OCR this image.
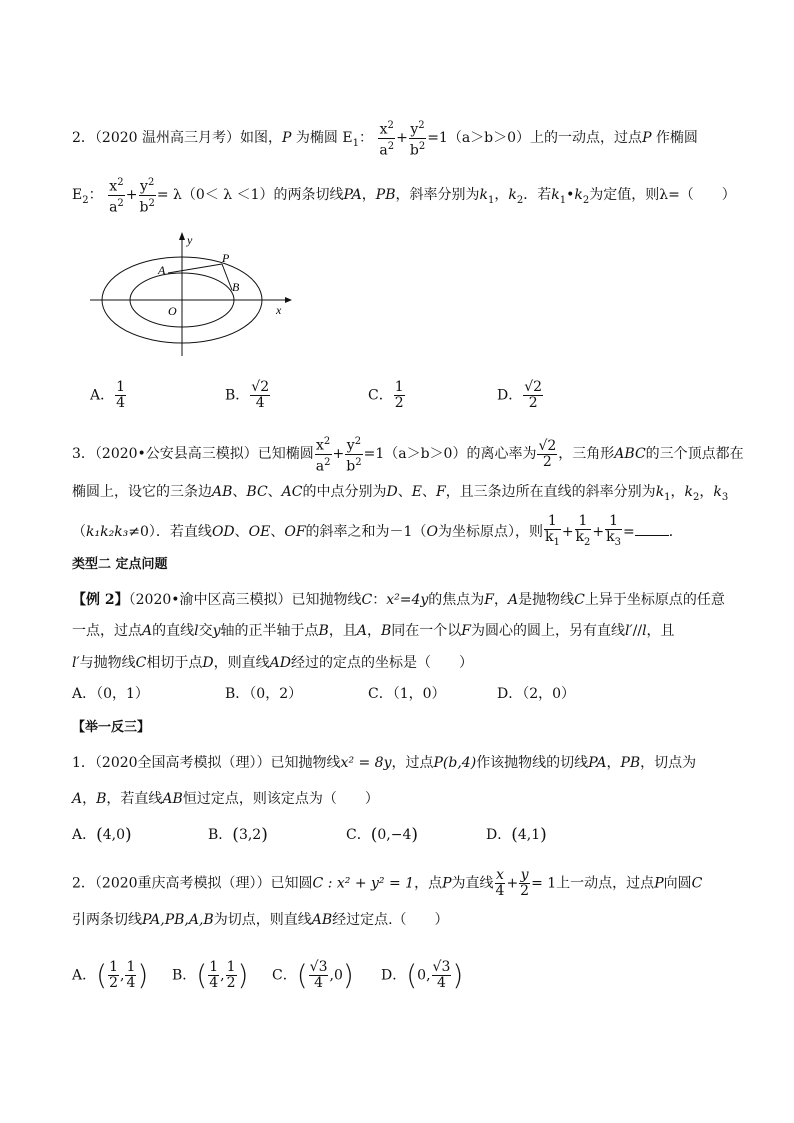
2．（2020 温州高三月考）如图，P 为椭圆 $E_1$： $\frac{x^2}{a^2} + \frac{y^2}{b^2} =1(a>b>0)$上的一动点，过点P 作椭圆
$E_2$： $\frac{x^2}{a^2} + \frac{y^2}{b^2} = \lambda(0< \lambda <1)$的两条切线PA，PB，斜率分别为$k_1$，$k_2$．若$k_1•k_2$为定值，则λ=（　　）
y
x
O
A
P
B
A． $\frac{1}{4}$	B． $\frac{√2}{4}$	C． $\frac{1}{2}$	D． $\frac{√2}{2}$
3．（2020•公安县高三模拟）已知椭圆 $\frac{x^2}{a^2} + \frac{y^2}{b^2} =1(a>b>0)$的离心率为 $\frac{√2}{2}$ ，三角形ABC的三个顶点都在
椭圆上，设它的三条边AB、BC、AC的中点分别为D、E、F，且三条边所在直线的斜率分别为$k_1$，$k_2$，$k_3$
（k₁k₂k₃≠0）．若直线OD、OE、OF的斜率之和为－1（O为坐标原点），则 $\frac{1}{k_1} + \frac{1}{k_2} + \frac{1}{k_3}$ = ．
类型二 定点问题
【例 2】（2020•渝中区高三模拟）已知抛物线C：x²=4y的焦点为F，A是抛物线C上异于坐标原点的任意
一点，过点A的直线l交y轴的正半轴于点B，且A，B同在一个以F为圆心的圆上，另有直线l′//l，且
l′与抛物线C相切于点D，则直线AD经过的定点的坐标是（　　）
A．（0，1）	B．（0，2）	C．（1，0）	D．（2，0）
【举一反三】
1．（2020全国高考模拟（理））已知抛物线x² = 8y，过点P(b,4)作该抛物线的切线PA，PB，切点为
A，B，若直线AB恒过定点，则该定点为（　　）
A．(4,0)	B．(3,2)	C．(0,−4)	D．(4,1)
2．（2020重庆高考模拟（理））已知圆C : x² + y² = 1，点P为直线 $\frac{x}{4} + \frac{y}{2} = 1$上一动点，过点P向圆C
引两条切线PA,PB,A,B为切点，则直线AB经过定点.（　　）
A．( $\frac{1}{2}$ , $\frac{1}{4}$ ) B．( $\frac{1}{4}$ , $\frac{1}{2}$ ) C．( $\frac{√3}{4} ,0$) D．(0, $\frac{√3}{4}$ )
